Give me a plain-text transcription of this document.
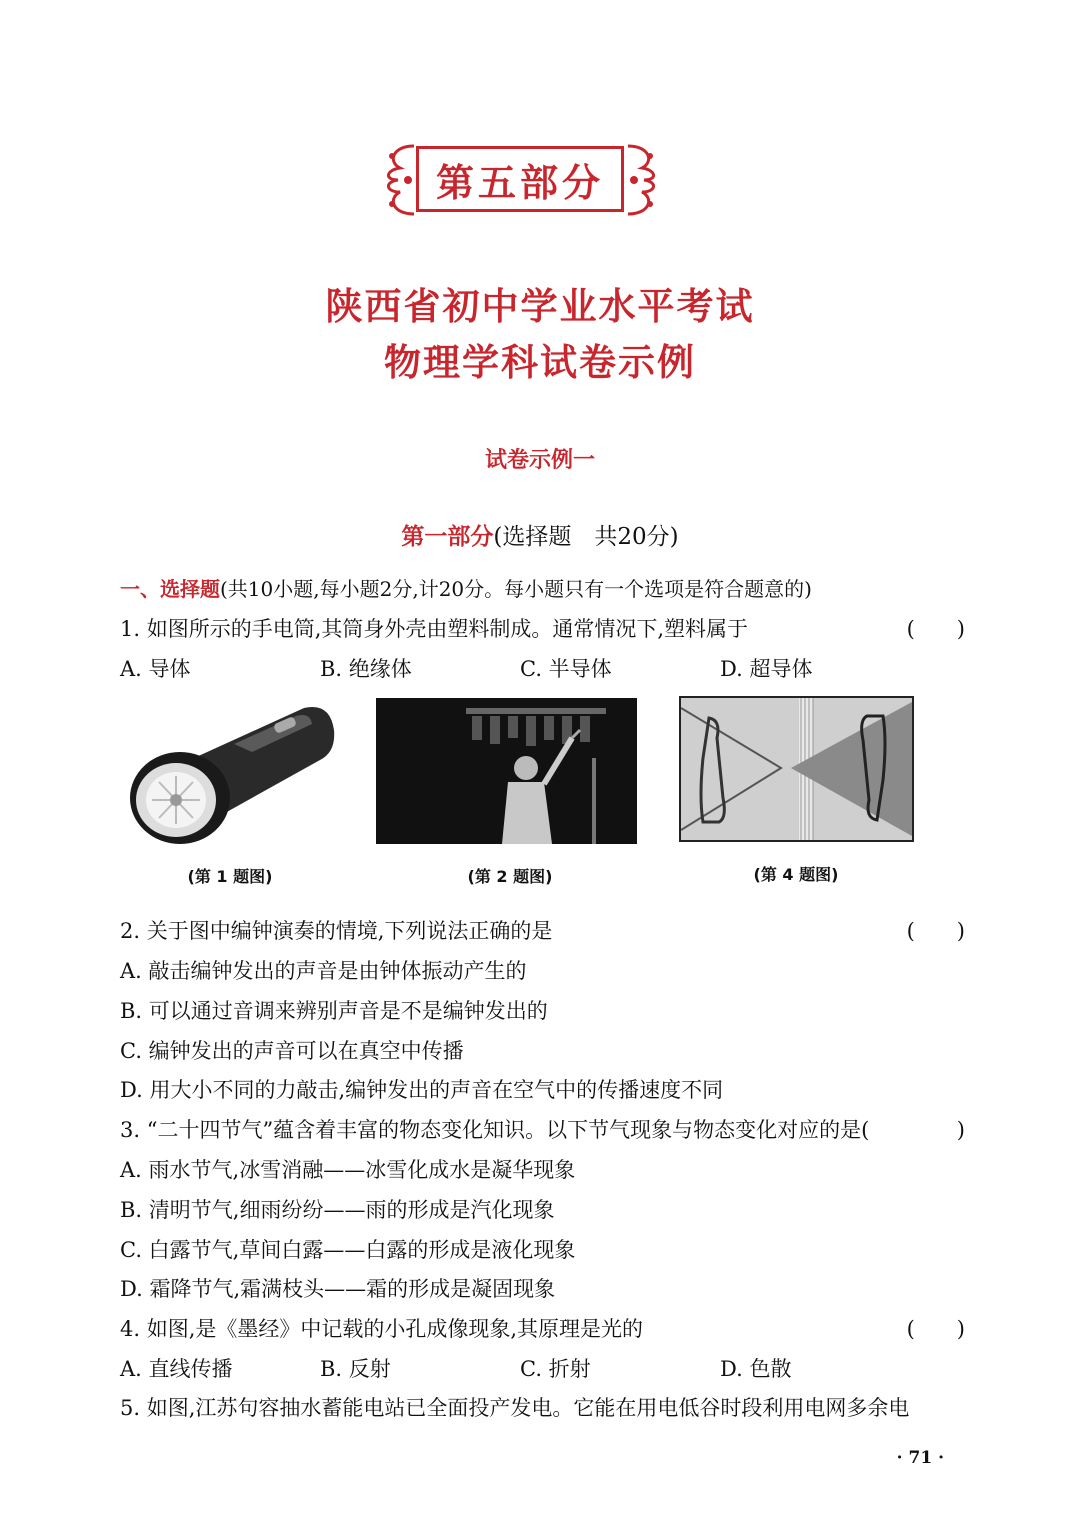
第五部分
陕西省初中学业水平考试
物理学科试卷示例
试卷示例一
第一部分(选择题　共20分)
一、选择题(共10小题,每小题2分,计20分。每小题只有一个选项是符合题意的)
1. 如图所示的手电筒,其筒身外壳由塑料制成。通常情况下,塑料属于	(　　)
A. 导体	B. 绝缘体	C. 半导体	D. 超导体
(第 1 题图)	(第 2 题图)	(第 4 题图)
2. 关于图中编钟演奏的情境,下列说法正确的是	(　　)
A. 敲击编钟发出的声音是由钟体振动产生的
B. 可以通过音调来辨别声音是不是编钟发出的
C. 编钟发出的声音可以在真空中传播
D. 用大小不同的力敲击,编钟发出的声音在空气中的传播速度不同
3. “二十四节气”蕴含着丰富的物态变化知识。以下节气现象与物态变化对应的是( 　　)
A. 雨水节气,冰雪消融——冰雪化成水是凝华现象
B. 清明节气,细雨纷纷——雨的形成是汽化现象
C. 白露节气,草间白露——白露的形成是液化现象
D. 霜降节气,霜满枝头——霜的形成是凝固现象
4. 如图,是《墨经》中记载的小孔成像现象,其原理是光的	(　　)
A. 直线传播	B. 反射	C. 折射	D. 色散
5. 如图,江苏句容抽水蓄能电站已全面投产发电。它能在用电低谷时段利用电网多余电
· 71 ·
